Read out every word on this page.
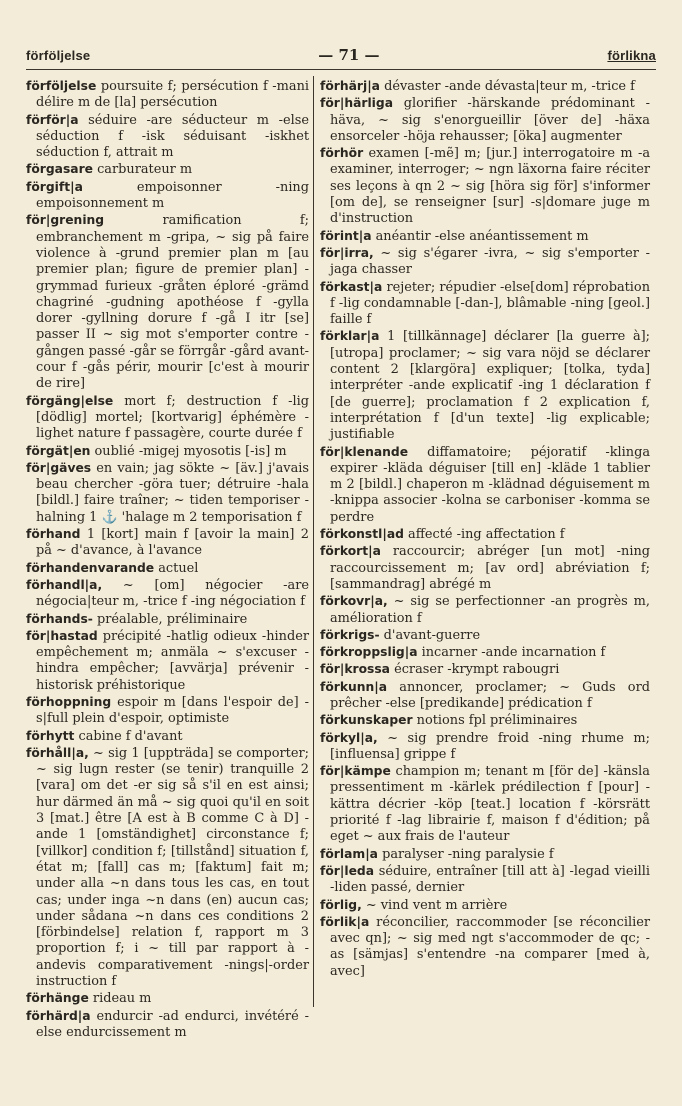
förföljelse	— 71 —	förlikna

förföljelse poursuite f; persécution f -mani délire m de [la] persécution

förför|a séduire -are séducteur m -else séduction f -isk séduisant -iskhet séduction f, attrait m

förgasare carburateur m

förgift|a empoisonner -ning empoisonnement m

för|grening ramification f; embranchement m -gripa, ~ sig på faire violence à -grund premier plan m [au premier plan; figure de premier plan] -grymmad furieux -gråten éploré -grämd chagriné -gudning apothéose f -gylla dorer -gyllning dorure f -gå I itr [se] passer II ~ sig mot s'emporter contre -gången passé -går se förrgår -gård avant-cour f -gås périr, mourir [c'est à mourir de rire]

förgäng|else mort f; destruction f -lig [dödlig] mortel; [kortvarig] éphémère -lighet nature f passagère, courte durée f

förgät|en oublié -migej myosotis [-is] m

för|gäves en vain; jag sökte ~ [äv.] j'avais beau chercher -göra tuer; détruire -hala [bildl.] faire traîner; ~ tiden temporiser -halning 1 ⚓ 'halage m 2 temporisation f

förhand 1 [kort] main f [avoir la main] 2 på ~ d'avance, à l'avance

förhandenvarande actuel

förhandl|a, ~ [om] négocier -are négocia|teur m, -trice f -ing négociation f

förhands- préalable, préliminaire

för|hastad précipité -hatlig odieux -hinder empêchement m; anmäla ~ s'excuser -hindra empêcher; [avvärja] prévenir -historisk préhistorique

förhoppning espoir m [dans l'espoir de] -s|full plein d'espoir, optimiste

förhytt cabine f d'avant

förhåll|a, ~ sig 1 [uppträda] se comporter; ~ sig lugn rester (se tenir) tranquille 2 [vara] om det -er sig så s'il en est ainsi; hur därmed än må ~ sig quoi qu'il en soit 3 [mat.] être [A est à B comme C à D] -ande 1 [omständighet] circonstance f; [villkor] condition f; [tillstånd] situation f, état m; [fall] cas m; [faktum] fait m; under alla ~n dans tous les cas, en tout cas; under inga ~n dans (en) aucun cas; under sådana ~n dans ces conditions 2 [förbindelse] relation f, rapport m 3 proportion f; i ~ till par rapport à -andevis comparativement -nings|-order instruction f

förhänge rideau m

förhärd|a endurcir -ad endurci, invétéré -else endurcissement m

förhärj|a dévaster -ande dévasta|teur m, -trice f

för|härliga glorifier -härskande prédominant -häva, ~ sig s'enorgueillir [över de] -häxa ensorceler -höja rehausser; [öka] augmenter

förhör examen [-mẽ] m; [jur.] interrogatoire m -a examiner, interroger; ~ ngn läxorna faire réciter ses leçons à qn 2 ~ sig [höra sig för] s'informer [om de], se renseigner [sur] -s|domare juge m d'instruction

förint|a anéantir -else anéantissement m

för|irra, ~ sig s'égarer -ivra, ~ sig s'emporter -jaga chasser

förkast|a rejeter; répudier -else[dom] réprobation f -lig condamnable [-dan-], blâmable -ning [geol.] faille f

förklar|a 1 [tillkännage] déclarer [la guerre à]; [utropa] proclamer; ~ sig vara nöjd se déclarer content 2 [klargöra] expliquer; [tolka, tyda] interpréter -ande explicatif -ing 1 déclaration f [de guerre]; proclamation f 2 explication f, interprétation f [d'un texte] -lig explicable; justifiable

för|klenande diffamatoire; péjoratif -klinga expirer -kläda déguiser [till en] -kläde 1 tablier m 2 [bildl.] chaperon m -klädnad déguisement m -knippa associer -kolna se carboniser -komma se perdre

förkonstl|ad affecté -ing affectation f

förkort|a raccourcir; abréger [un mot] -ning raccourcissement m; [av ord] abréviation f; [sammandrag] abrégé m

förkovr|a, ~ sig se perfectionner -an progrès m, amélioration f

förkrigs- d'avant-guerre

förkroppslig|a incarner -ande incarnation f

för|krossa écraser -krympt rabougri

förkunn|a annoncer, proclamer; ~ Guds ord prêcher -else [predikande] prédication f

förkunskaper notions fpl préliminaires

förkyl|a, ~ sig prendre froid -ning rhume m; [influensa] grippe f

för|kämpe champion m; tenant m [för de] -känsla pressentiment m -kärlek prédilection f [pour] -kättra décrier -köp [teat.] location f -körsrätt priorité f -lag librairie f, maison f d'édition; på eget ~ aux frais de l'auteur

förlam|a paralyser -ning paralysie f

för|leda séduire, entraîner [till att à] -legad vieilli -liden passé, dernier

förlig, ~ vind vent m arrière

förlik|a réconcilier, raccommoder [se réconcilier avec qn]; ~ sig med ngt s'accommoder de qc; -as [sämjas] s'entendre -na comparer [med à, avec]
